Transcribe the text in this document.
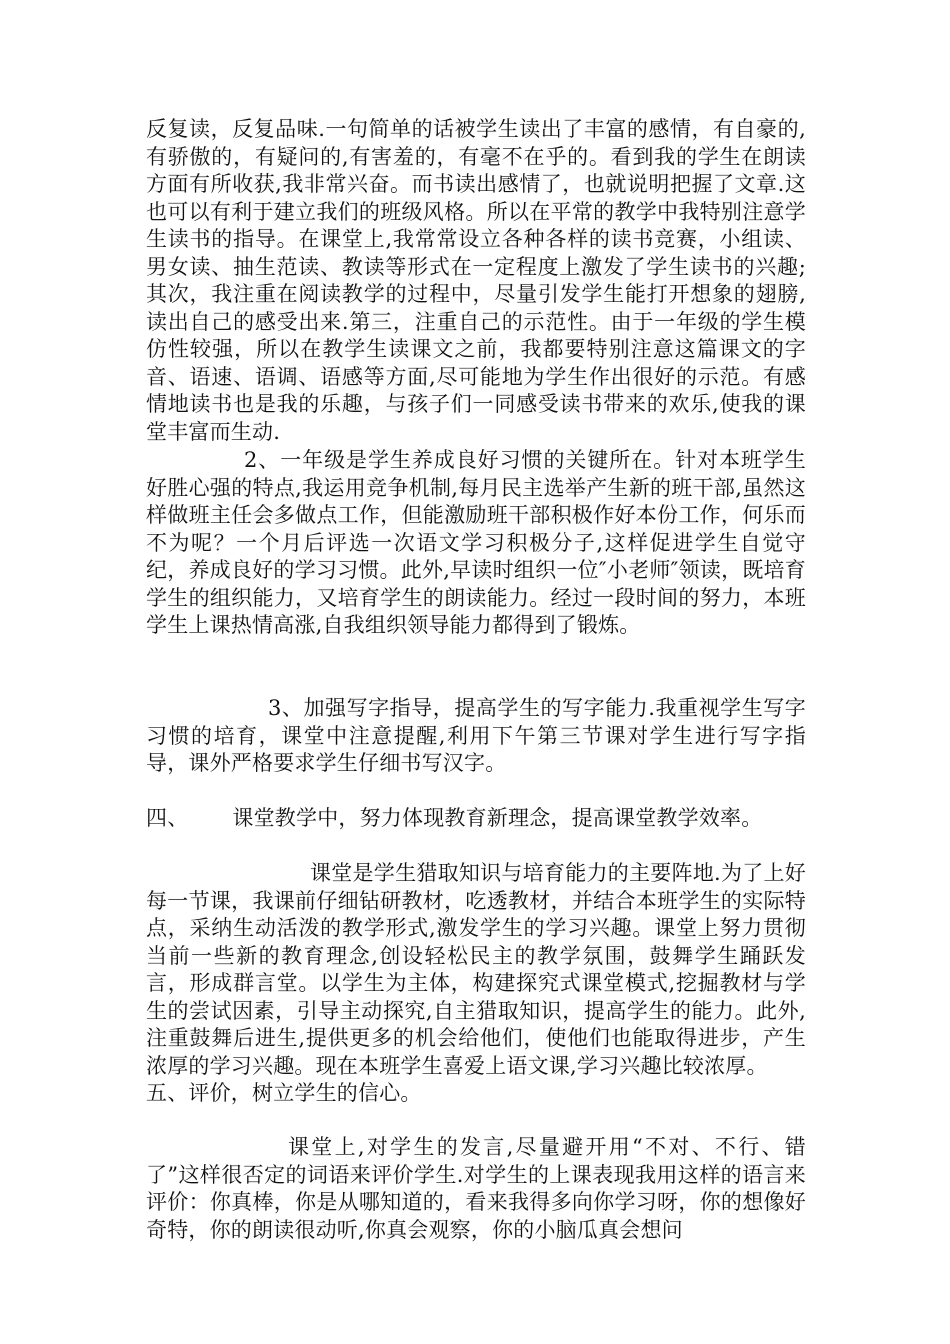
反复读，反复品味.一句简单的话被学生读出了丰富的感情，有自豪的,有骄傲的，有疑问的,有害羞的，有毫不在乎的。看到我的学生在朗读方面有所收获,我非常兴奋。而书读出感情了，也就说明把握了文章.这也可以有利于建立我们的班级风格。所以在平常的教学中我特别注意学生读书的指导。在课堂上,我常常设立各种各样的读书竞赛，小组读、男女读、抽生范读、教读等形式在一定程度上激发了学生读书的兴趣;其次，我注重在阅读教学的过程中，尽量引发学生能打开想象的翅膀,读出自己的感受出来.第三，注重自己的示范性。由于一年级的学生模仿性较强，所以在教学生读课文之前，我都要特别注意这篇课文的字音、语速、语调、语感等方面,尽可能地为学生作出很好的示范。有感情地读书也是我的乐趣，与孩子们一同感受读书带来的欢乐,使我的课堂丰富而生动.

2、一年级是学生养成良好习惯的关键所在。针对本班学生好胜心强的特点,我运用竞争机制,每月民主选举产生新的班干部,虽然这样做班主任会多做点工作，但能激励班干部积极作好本份工作，何乐而不为呢？一个月后评选一次语文学习积极分子,这样促进学生自觉守纪，养成良好的学习习惯。此外,早读时组织一位″小老师″领读，既培育学生的组织能力，又培育学生的朗读能力。经过一段时间的努力，本班学生上课热情高涨,自我组织领导能力都得到了锻炼。

3、加强写字指导，提高学生的写字能力.我重视学生写字习惯的培育，课堂中注意提醒,利用下午第三节课对学生进行写字指导，课外严格要求学生仔细书写汉字。

四、 课堂教学中，努力体现教育新理念，提高课堂教学效率。

课堂是学生猎取知识与培育能力的主要阵地.为了上好每一节课，我课前仔细钻研教材，吃透教材，并结合本班学生的实际特点，采纳生动活泼的教学形式,激发学生的学习兴趣。课堂上努力贯彻当前一些新的教育理念,创设轻松民主的教学氛围，鼓舞学生踊跃发言，形成群言堂。以学生为主体，构建探究式课堂模式,挖掘教材与学生的尝试因素，引导主动探究,自主猎取知识，提高学生的能力。此外,注重鼓舞后进生,提供更多的机会给他们，使他们也能取得进步，产生浓厚的学习兴趣。现在本班学生喜爱上语文课,学习兴趣比较浓厚。

五、评价，树立学生的信心。

课堂上,对学生的发言,尽量避开用“不对、不行、错了”这样很否定的词语来评价学生.对学生的上课表现我用这样的语言来评价：你真棒，你是从哪知道的，看来我得多向你学习呀，你的想像好奇特，你的朗读很动听,你真会观察，你的小脑瓜真会想问
